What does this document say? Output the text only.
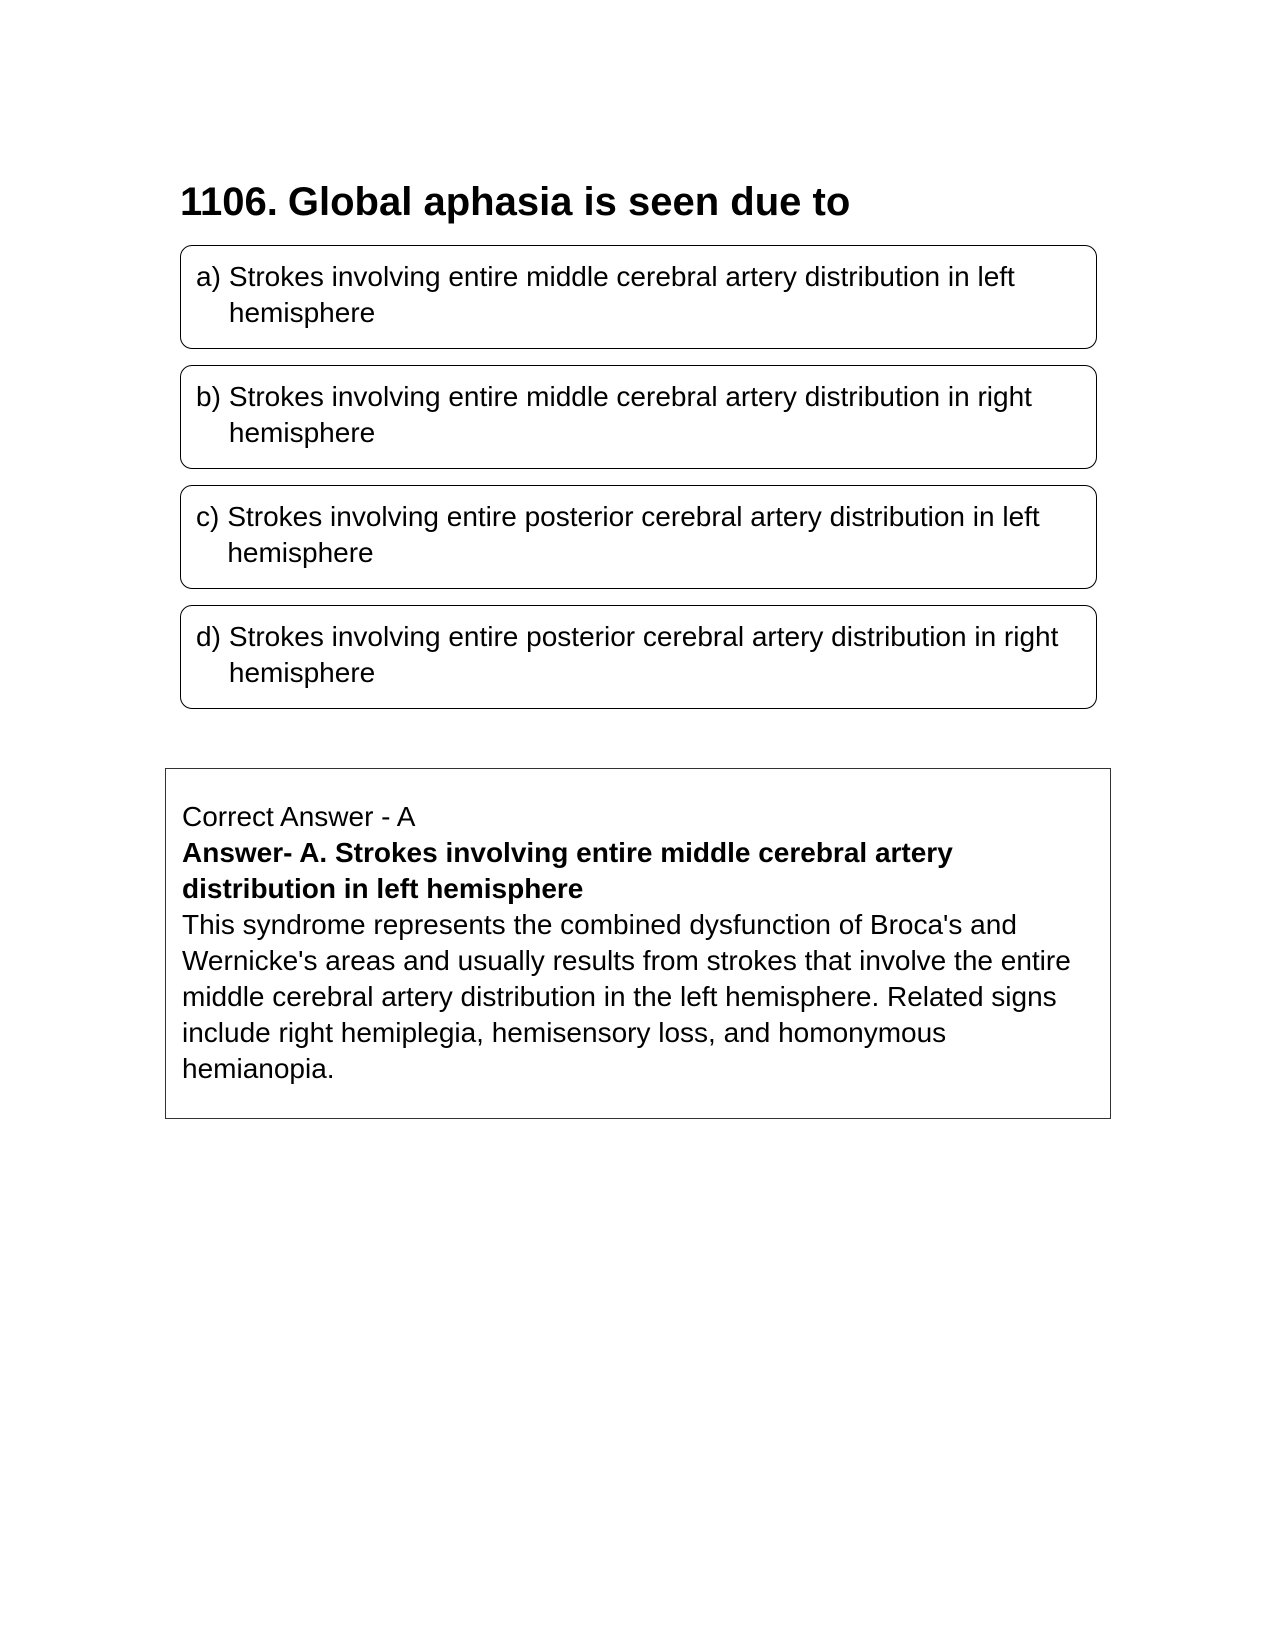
1106. Global aphasia is seen due to
a) Strokes involving entire middle cerebral artery distribution in left hemisphere
b) Strokes involving entire middle cerebral artery distribution in right hemisphere
c) Strokes involving entire posterior cerebral artery distribution in left hemisphere
d) Strokes involving entire posterior cerebral artery distribution in right hemisphere

Correct Answer - A

Answer- A. Strokes involving entire middle cerebral artery distribution in left hemisphere

This syndrome represents the combined dysfunction of Broca's and Wernicke's areas and usually results from strokes that involve the entire middle cerebral artery distribution in the left hemisphere. Related signs include right hemiplegia, hemisensory loss, and homonymous hemianopia.
